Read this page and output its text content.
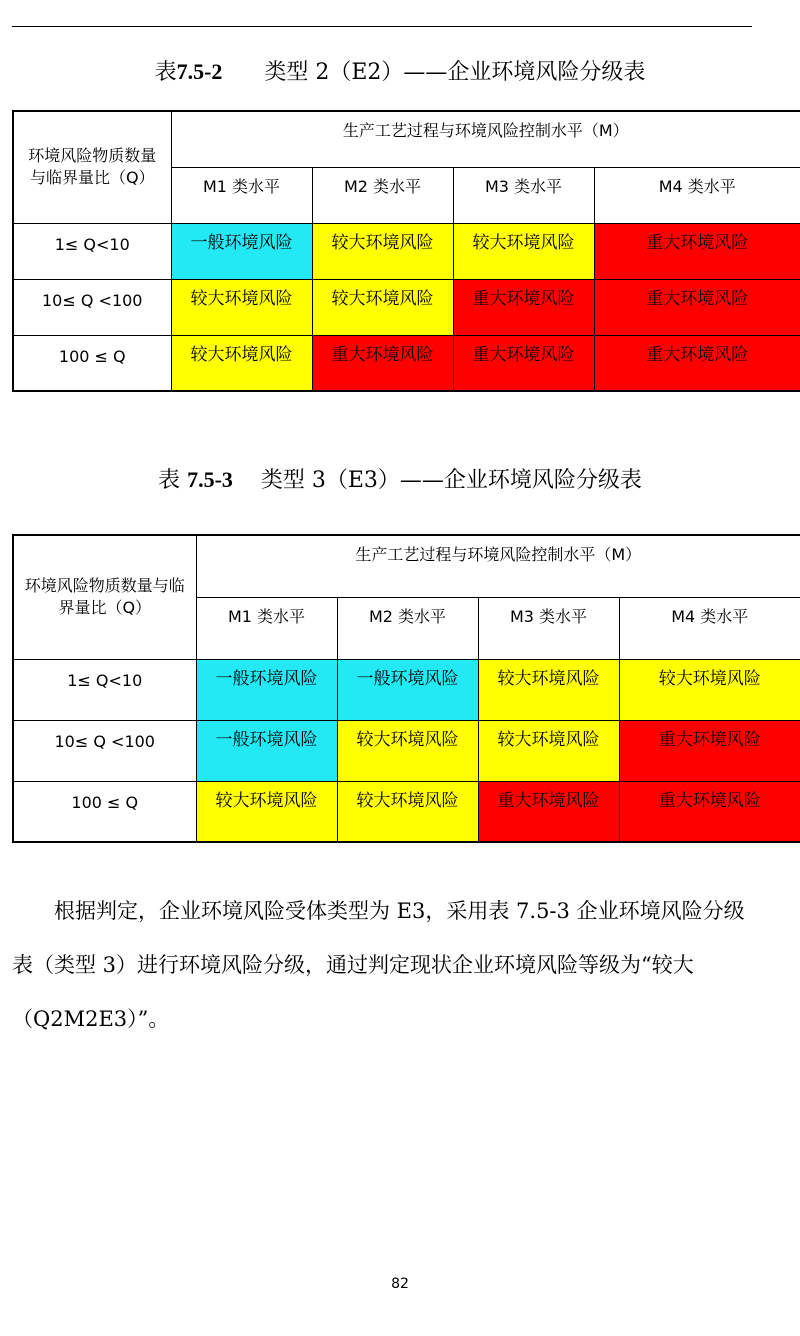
表7.5-2 类型 2（E2）——企业环境风险分级表
环境风险物质数量与临界量比（Q）	生产工艺过程与环境风险控制水平（M）			
	M1 类水平	M2 类水平	M3 类水平	M4 类水平
1≤ Q<10	一般环境风险	较大环境风险	较大环境风险	重大环境风险
10≤ Q <100	较大环境风险	较大环境风险	重大环境风险	重大环境风险
100 ≤ Q	较大环境风险	重大环境风险	重大环境风险	重大环境风险
表 7.5-3 类型 3（E3）——企业环境风险分级表
环境风险物质数量与临界量比（Q）	生产工艺过程与环境风险控制水平（M）			
	M1 类水平	M2 类水平	M3 类水平	M4 类水平
1≤ Q<10	一般环境风险	一般环境风险	较大环境风险	较大环境风险
10≤ Q <100	一般环境风险	较大环境风险	较大环境风险	重大环境风险
100 ≤ Q	较大环境风险	较大环境风险	重大环境风险	重大环境风险

根据判定，企业环境风险受体类型为 E3，采用表 7.5-3 企业环境风险分级表（类型 3）进行环境风险分级，通过判定现状企业环境风险等级为“较大（Q2M2E3）”。

82
